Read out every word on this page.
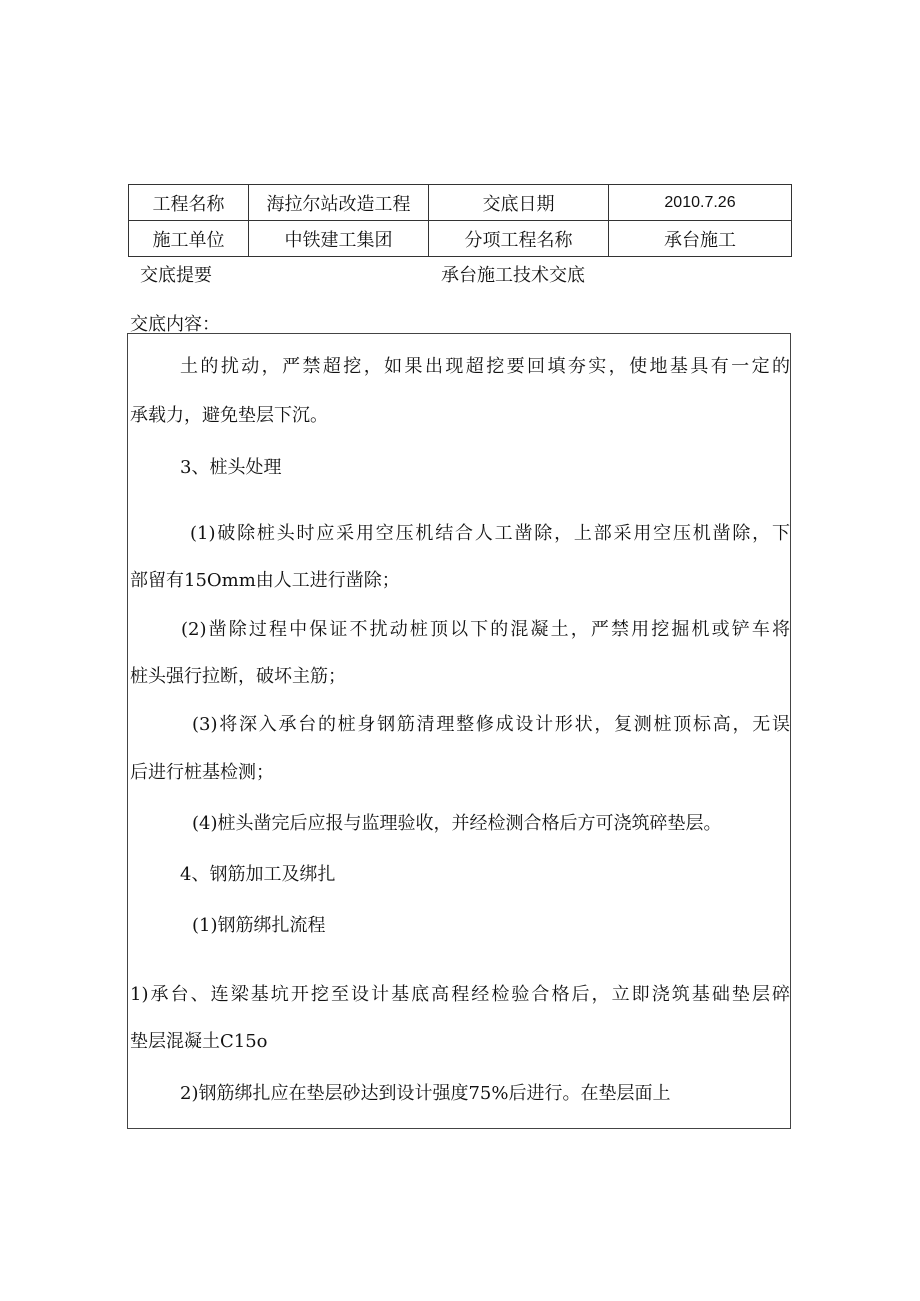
工程名称	海拉尔站改造工程	交底日期	2010.7.26
施工单位	中铁建工集团	分项工程名称	承台施工
交底提要	承台施工技术交底
交底内容：
土的扰动，严禁超挖，如果出现超挖要回填夯实，使地基具有一定的
承载力，避免垫层下沉。
3、桩头处理
(1)破除桩头时应采用空压机结合人工凿除，上部采用空压机凿除，下
部留有15Omm由人工进行凿除；
(2)凿除过程中保证不扰动桩顶以下的混凝土，严禁用挖掘机或铲车将
桩头强行拉断，破坏主筋；
(3)将深入承台的桩身钢筋清理整修成设计形状，复测桩顶标高，无误
后进行桩基检测；
(4)桩头凿完后应报与监理验收，并经检测合格后方可浇筑碎垫层。
4、钢筋加工及绑扎
(1)钢筋绑扎流程
1)承台、连梁基坑开挖至设计基底高程经检验合格后，立即浇筑基础垫层碎
垫层混凝土C15o
2)钢筋绑扎应在垫层砂达到设计强度75%后进行。在垫层面上
